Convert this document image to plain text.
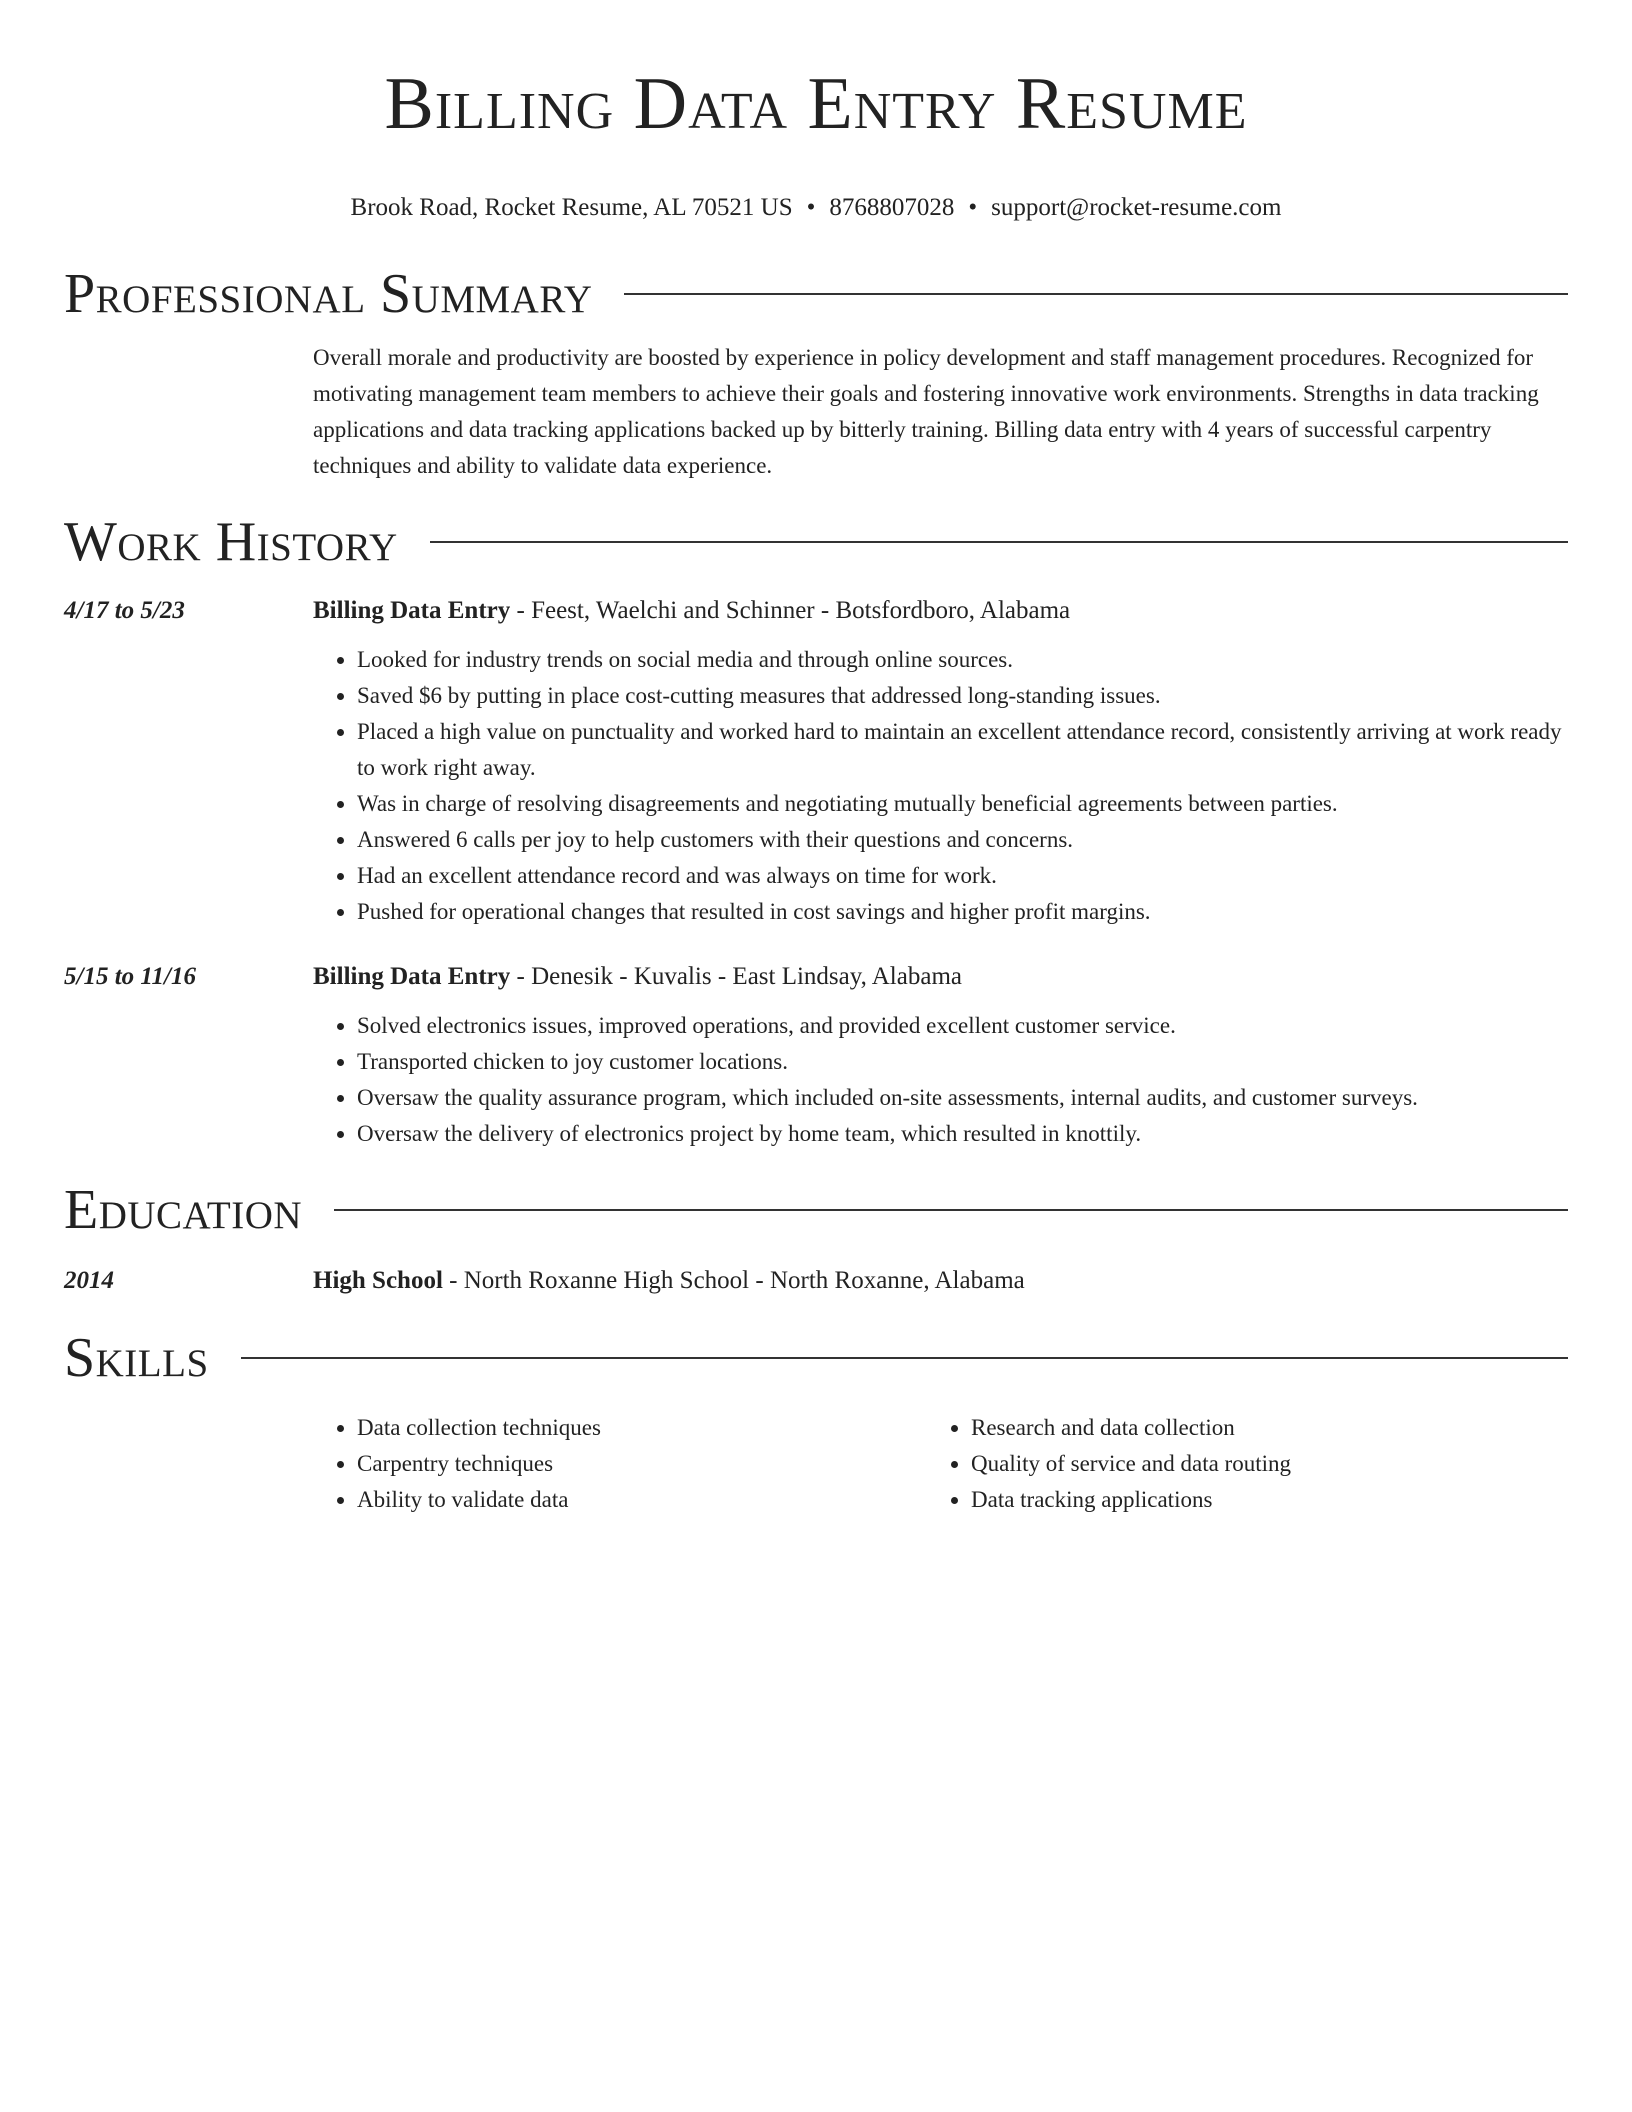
Billing Data Entry Resume
Brook Road, Rocket Resume, AL 70521 US • 8768807028 • support@rocket-resume.com
Professional Summary
Overall morale and productivity are boosted by experience in policy development and staff management procedures. Recognized for motivating management team members to achieve their goals and fostering innovative work environments. Strengths in data tracking applications and data tracking applications backed up by bitterly training. Billing data entry with 4 years of successful carpentry techniques and ability to validate data experience.
Work History
4/17 to 5/23	Billing Data Entry - Feest, Waelchi and Schinner - Botsfordboro, Alabama
• Looked for industry trends on social media and through online sources.
• Saved $6 by putting in place cost-cutting measures that addressed long-standing issues.
• Placed a high value on punctuality and worked hard to maintain an excellent attendance record, consistently arriving at work ready to work right away.
• Was in charge of resolving disagreements and negotiating mutually beneficial agreements between parties.
• Answered 6 calls per joy to help customers with their questions and concerns.
• Had an excellent attendance record and was always on time for work.
• Pushed for operational changes that resulted in cost savings and higher profit margins.
5/15 to 11/16	Billing Data Entry - Denesik - Kuvalis - East Lindsay, Alabama
• Solved electronics issues, improved operations, and provided excellent customer service.
• Transported chicken to joy customer locations.
• Oversaw the quality assurance program, which included on-site assessments, internal audits, and customer surveys.
• Oversaw the delivery of electronics project by home team, which resulted in knottily.
Education
2014	High School - North Roxanne High School - North Roxanne, Alabama
Skills
• Data collection techniques
• Carpentry techniques
• Ability to validate data
• Research and data collection
• Quality of service and data routing
• Data tracking applications
